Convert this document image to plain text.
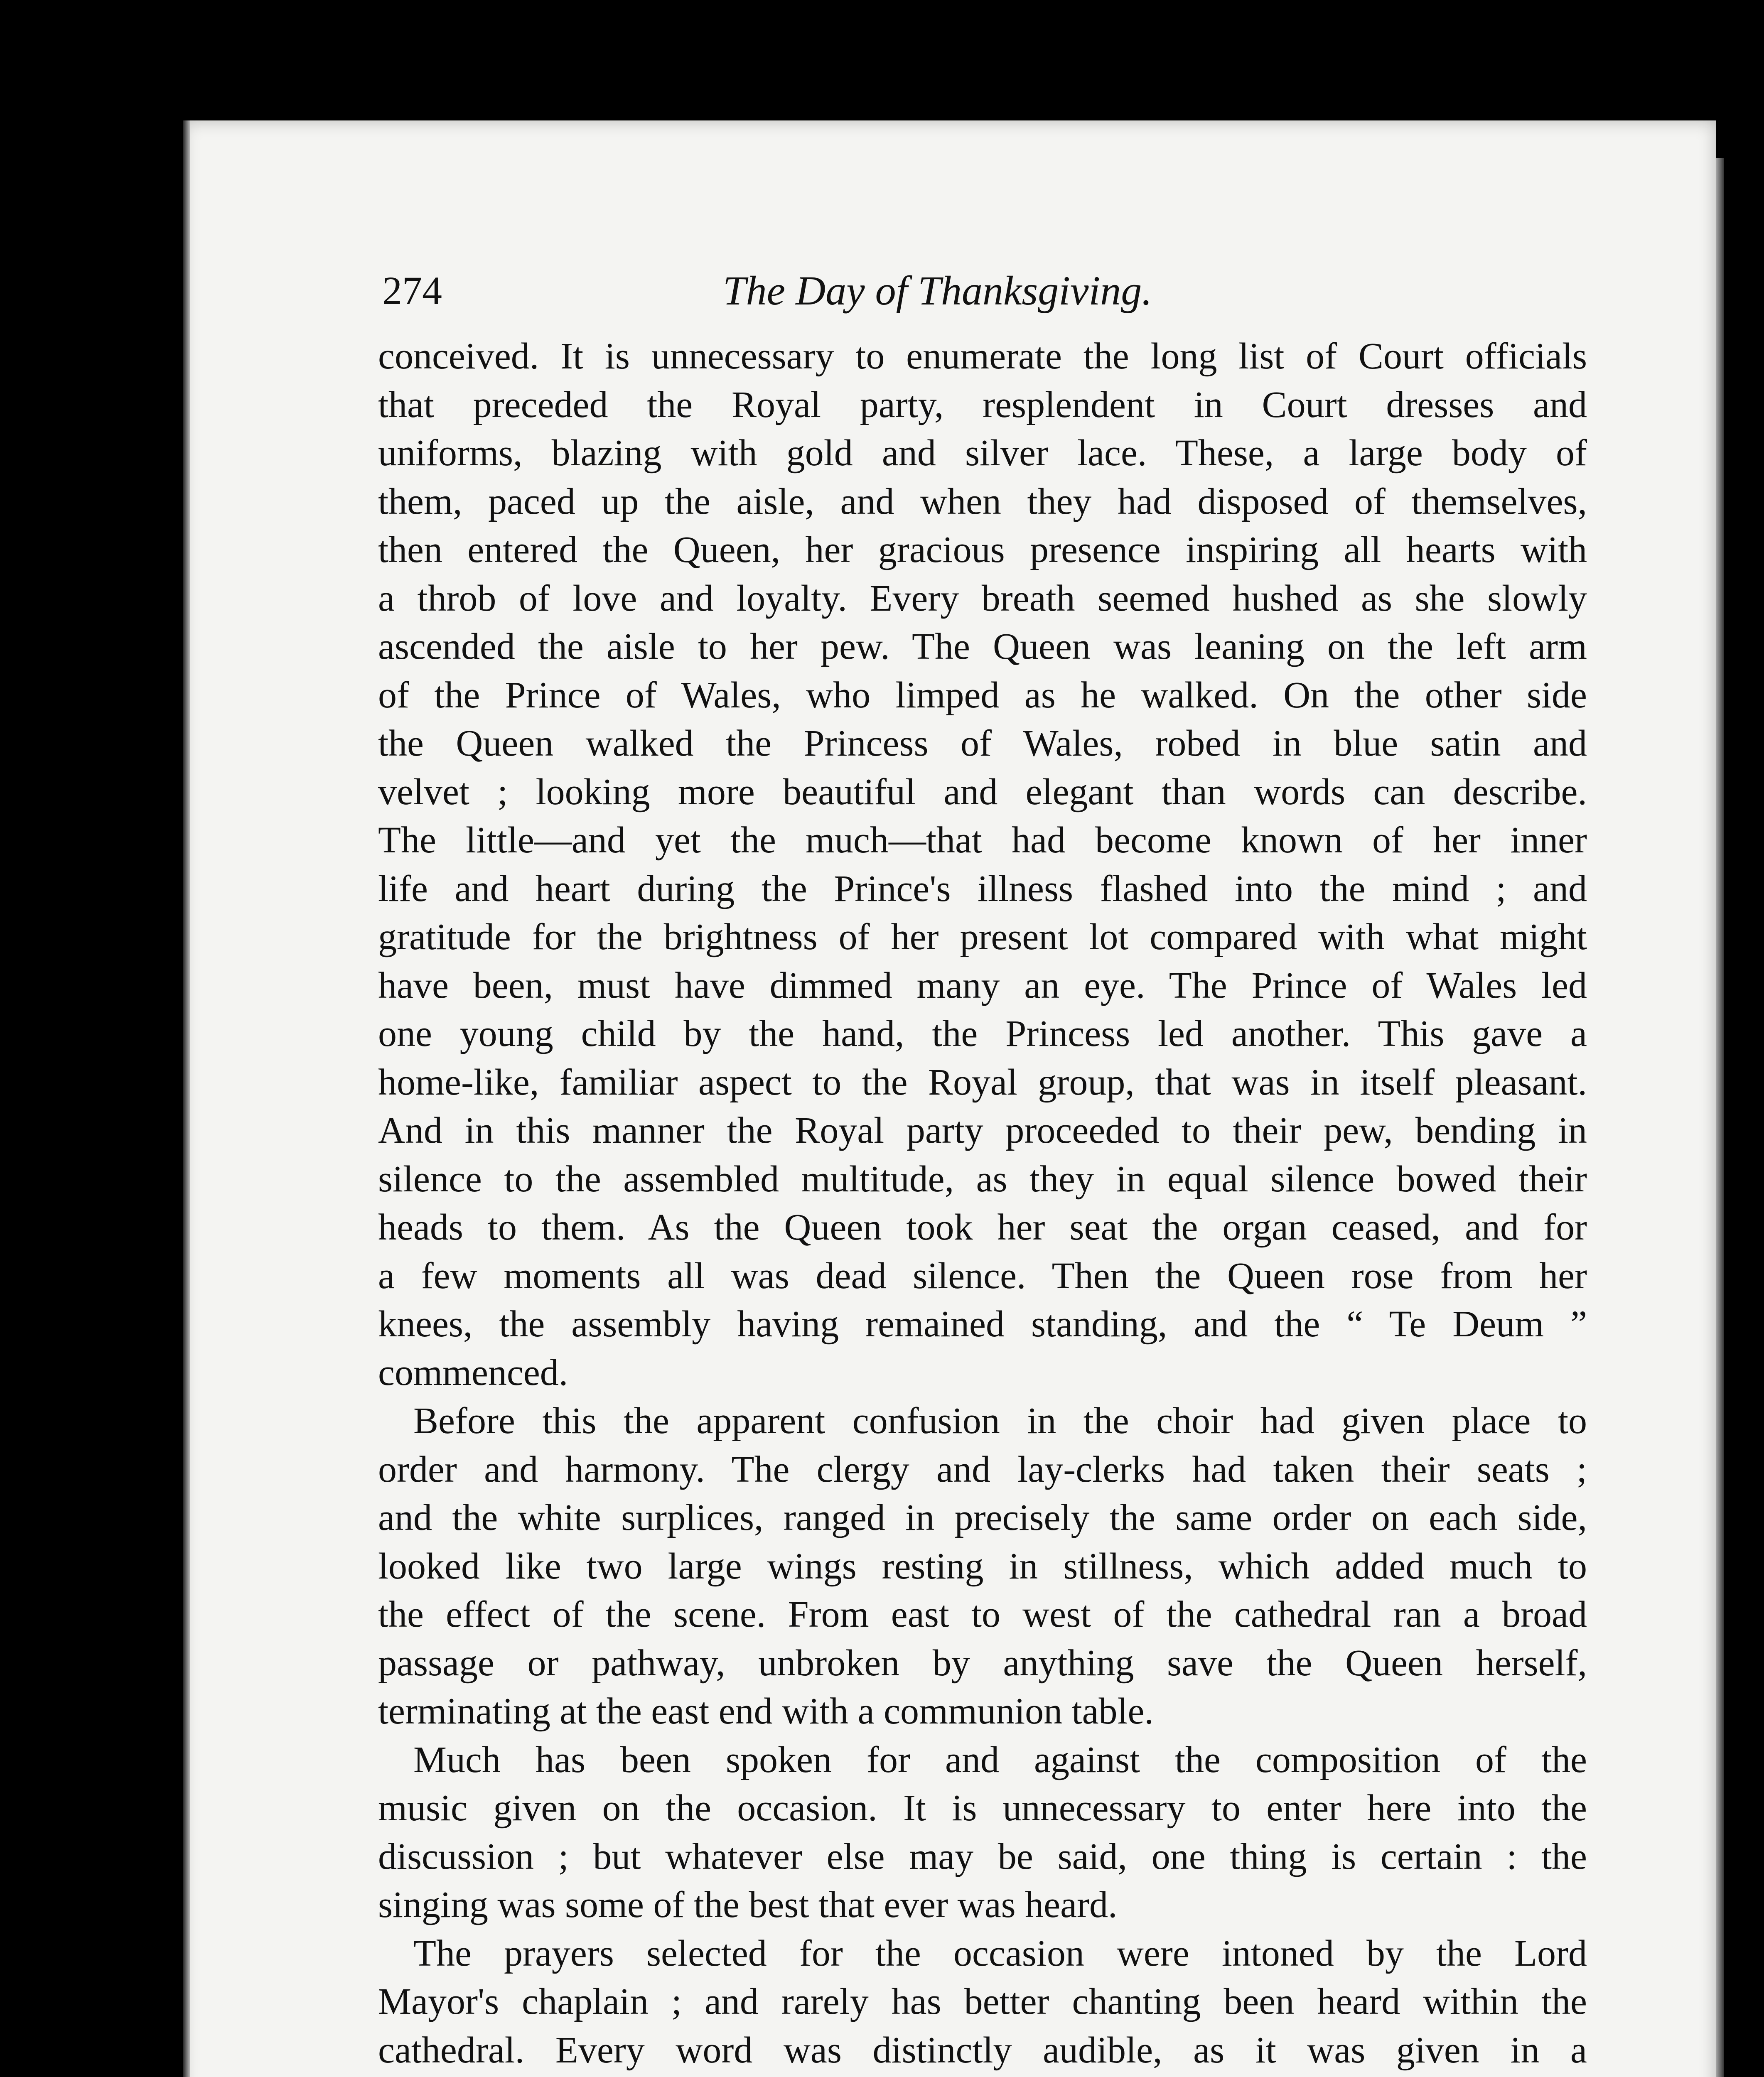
274	The Day of Thanksgiving.

conceived. It is unnecessary to enumerate the long list of Court officials
that preceded the Royal party, resplendent in Court dresses and
uniforms, blazing with gold and silver lace. These, a large body of
them, paced up the aisle, and when they had disposed of themselves,
then entered the Queen, her gracious presence inspiring all hearts with
a throb of love and loyalty. Every breath seemed hushed as she slowly
ascended the aisle to her pew. The Queen was leaning on the left arm
of the Prince of Wales, who limped as he walked. On the other side
the Queen walked the Princess of Wales, robed in blue satin and
velvet ; looking more beautiful and elegant than words can describe.
The little—and yet the much—that had become known of her inner
life and heart during the Prince's illness flashed into the mind ; and
gratitude for the brightness of her present lot compared with what might
have been, must have dimmed many an eye. The Prince of Wales led
one young child by the hand, the Princess led another. This gave a
home-like, familiar aspect to the Royal group, that was in itself pleasant.
And in this manner the Royal party proceeded to their pew, bending in
silence to the assembled multitude, as they in equal silence bowed their
heads to them. As the Queen took her seat the organ ceased, and for
a few moments all was dead silence. Then the Queen rose from her
knees, the assembly having remained standing, and the “ Te Deum ”
commenced.

Before this the apparent confusion in the choir had given place to
order and harmony. The clergy and lay-clerks had taken their seats ;
and the white surplices, ranged in precisely the same order on each side,
looked like two large wings resting in stillness, which added much to
the effect of the scene. From east to west of the cathedral ran a broad
passage or pathway, unbroken by anything save the Queen herself,
terminating at the east end with a communion table.

Much has been spoken for and against the composition of the
music given on the occasion. It is unnecessary to enter here into the
discussion ; but whatever else may be said, one thing is certain : the
singing was some of the best that ever was heard.

The prayers selected for the occasion were intoned by the Lord
Mayor's chaplain ; and rarely has better chanting been heard within the
cathedral. Every word was distinctly audible, as it was given in a
